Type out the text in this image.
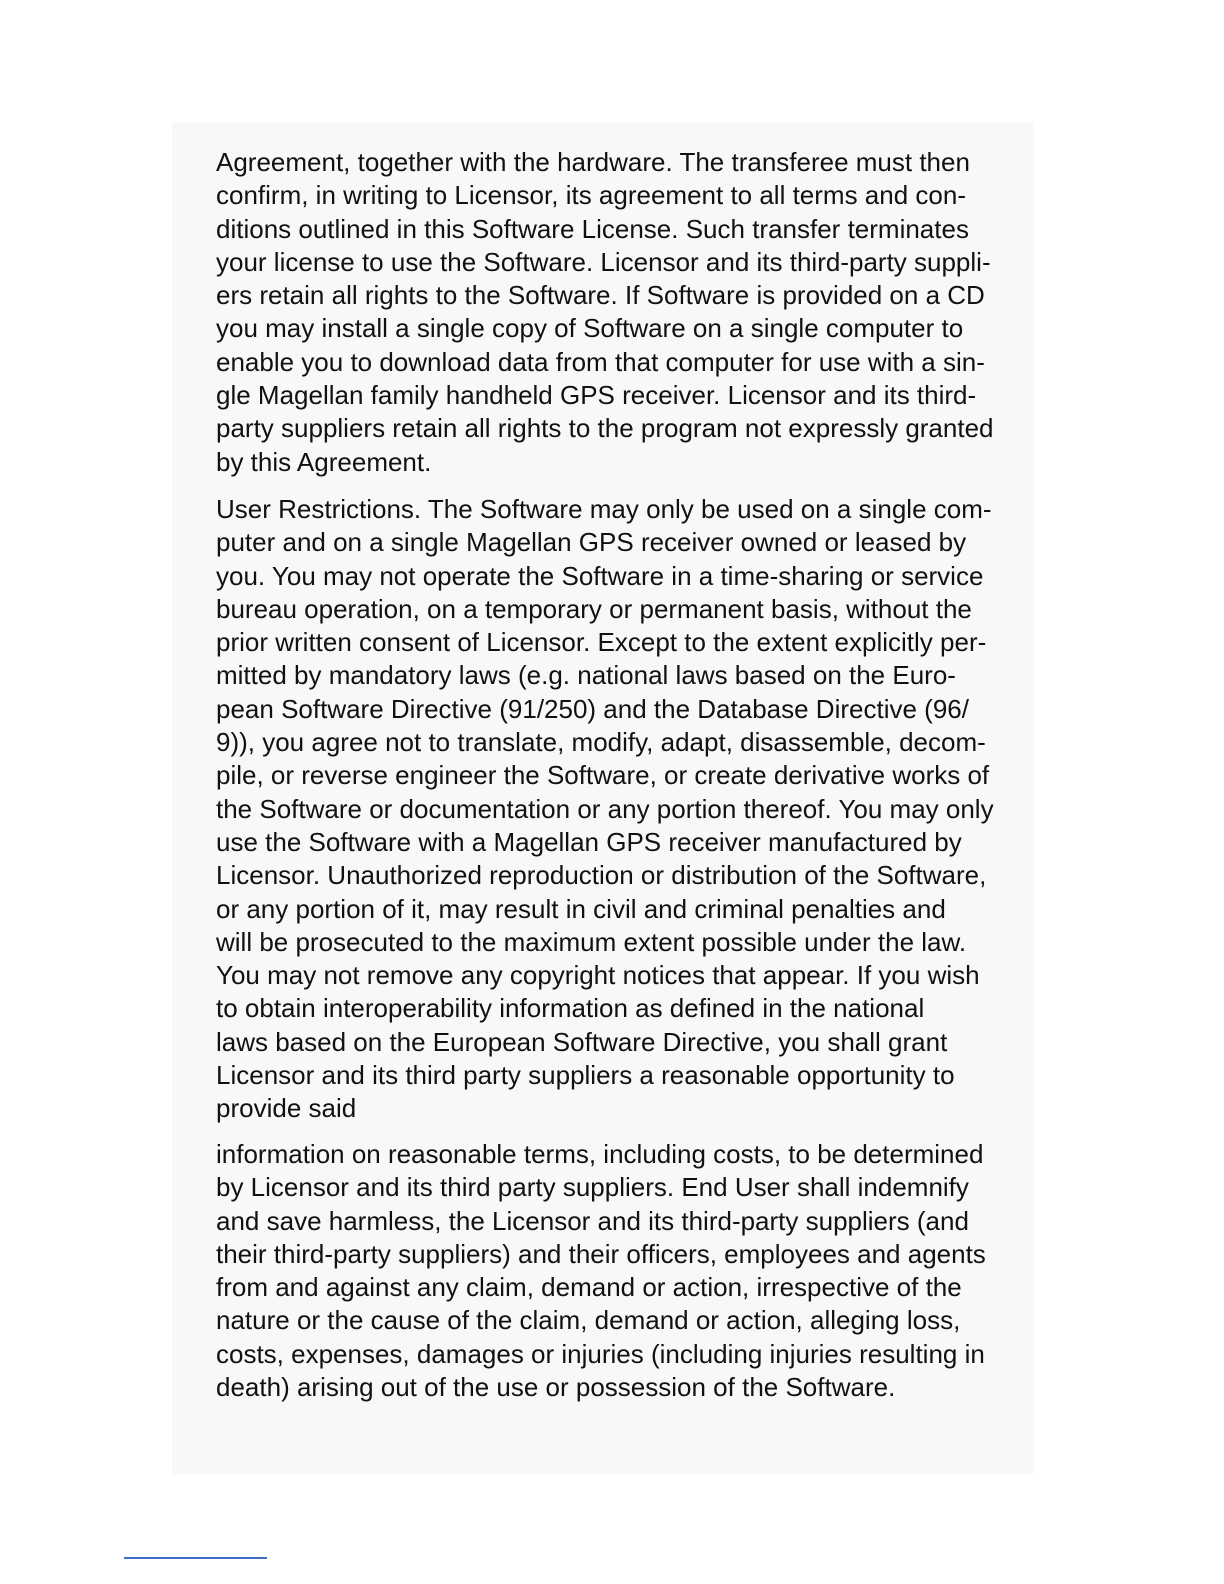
Agreement, together with the hardware. The transferee must then
confirm, in writing to Licensor, its agreement to all terms and con-
ditions outlined in this Software License. Such transfer terminates
your license to use the Software. Licensor and its third-party suppli-
ers retain all rights to the Software. If Software is provided on a CD
you may install a single copy of Software on a single computer to
enable you to download data from that computer for use with a sin-
gle Magellan family handheld GPS receiver. Licensor and its third-
party suppliers retain all rights to the program not expressly granted
by this Agreement.
User Restrictions. The Software may only be used on a single com-
puter and on a single Magellan GPS receiver owned or leased by
you. You may not operate the Software in a time-sharing or service
bureau operation, on a temporary or permanent basis, without the
prior written consent of Licensor. Except to the extent explicitly per-
mitted by mandatory laws (e.g. national laws based on the Euro-
pean Software Directive (91/250) and the Database Directive (96/
9)), you agree not to translate, modify, adapt, disassemble, decom-
pile, or reverse engineer the Software, or create derivative works of
the Software or documentation or any portion thereof. You may only
use the Software with a Magellan GPS receiver manufactured by
Licensor. Unauthorized reproduction or distribution of the Software,
or any portion of it, may result in civil and criminal penalties and
will be prosecuted to the maximum extent possible under the law.
You may not remove any copyright notices that appear. If you wish
to obtain interoperability information as defined in the national
laws based on the European Software Directive, you shall grant
Licensor and its third party suppliers a reasonable opportunity to
provide said
information on reasonable terms, including costs, to be determined
by Licensor and its third party suppliers. End User shall indemnify
and save harmless, the Licensor and its third-party suppliers (and
their third-party suppliers) and their officers, employees and agents
from and against any claim, demand or action, irrespective of the
nature or the cause of the claim, demand or action, alleging loss,
costs, expenses, damages or injuries (including injuries resulting in
death) arising out of the use or possession of the Software.
